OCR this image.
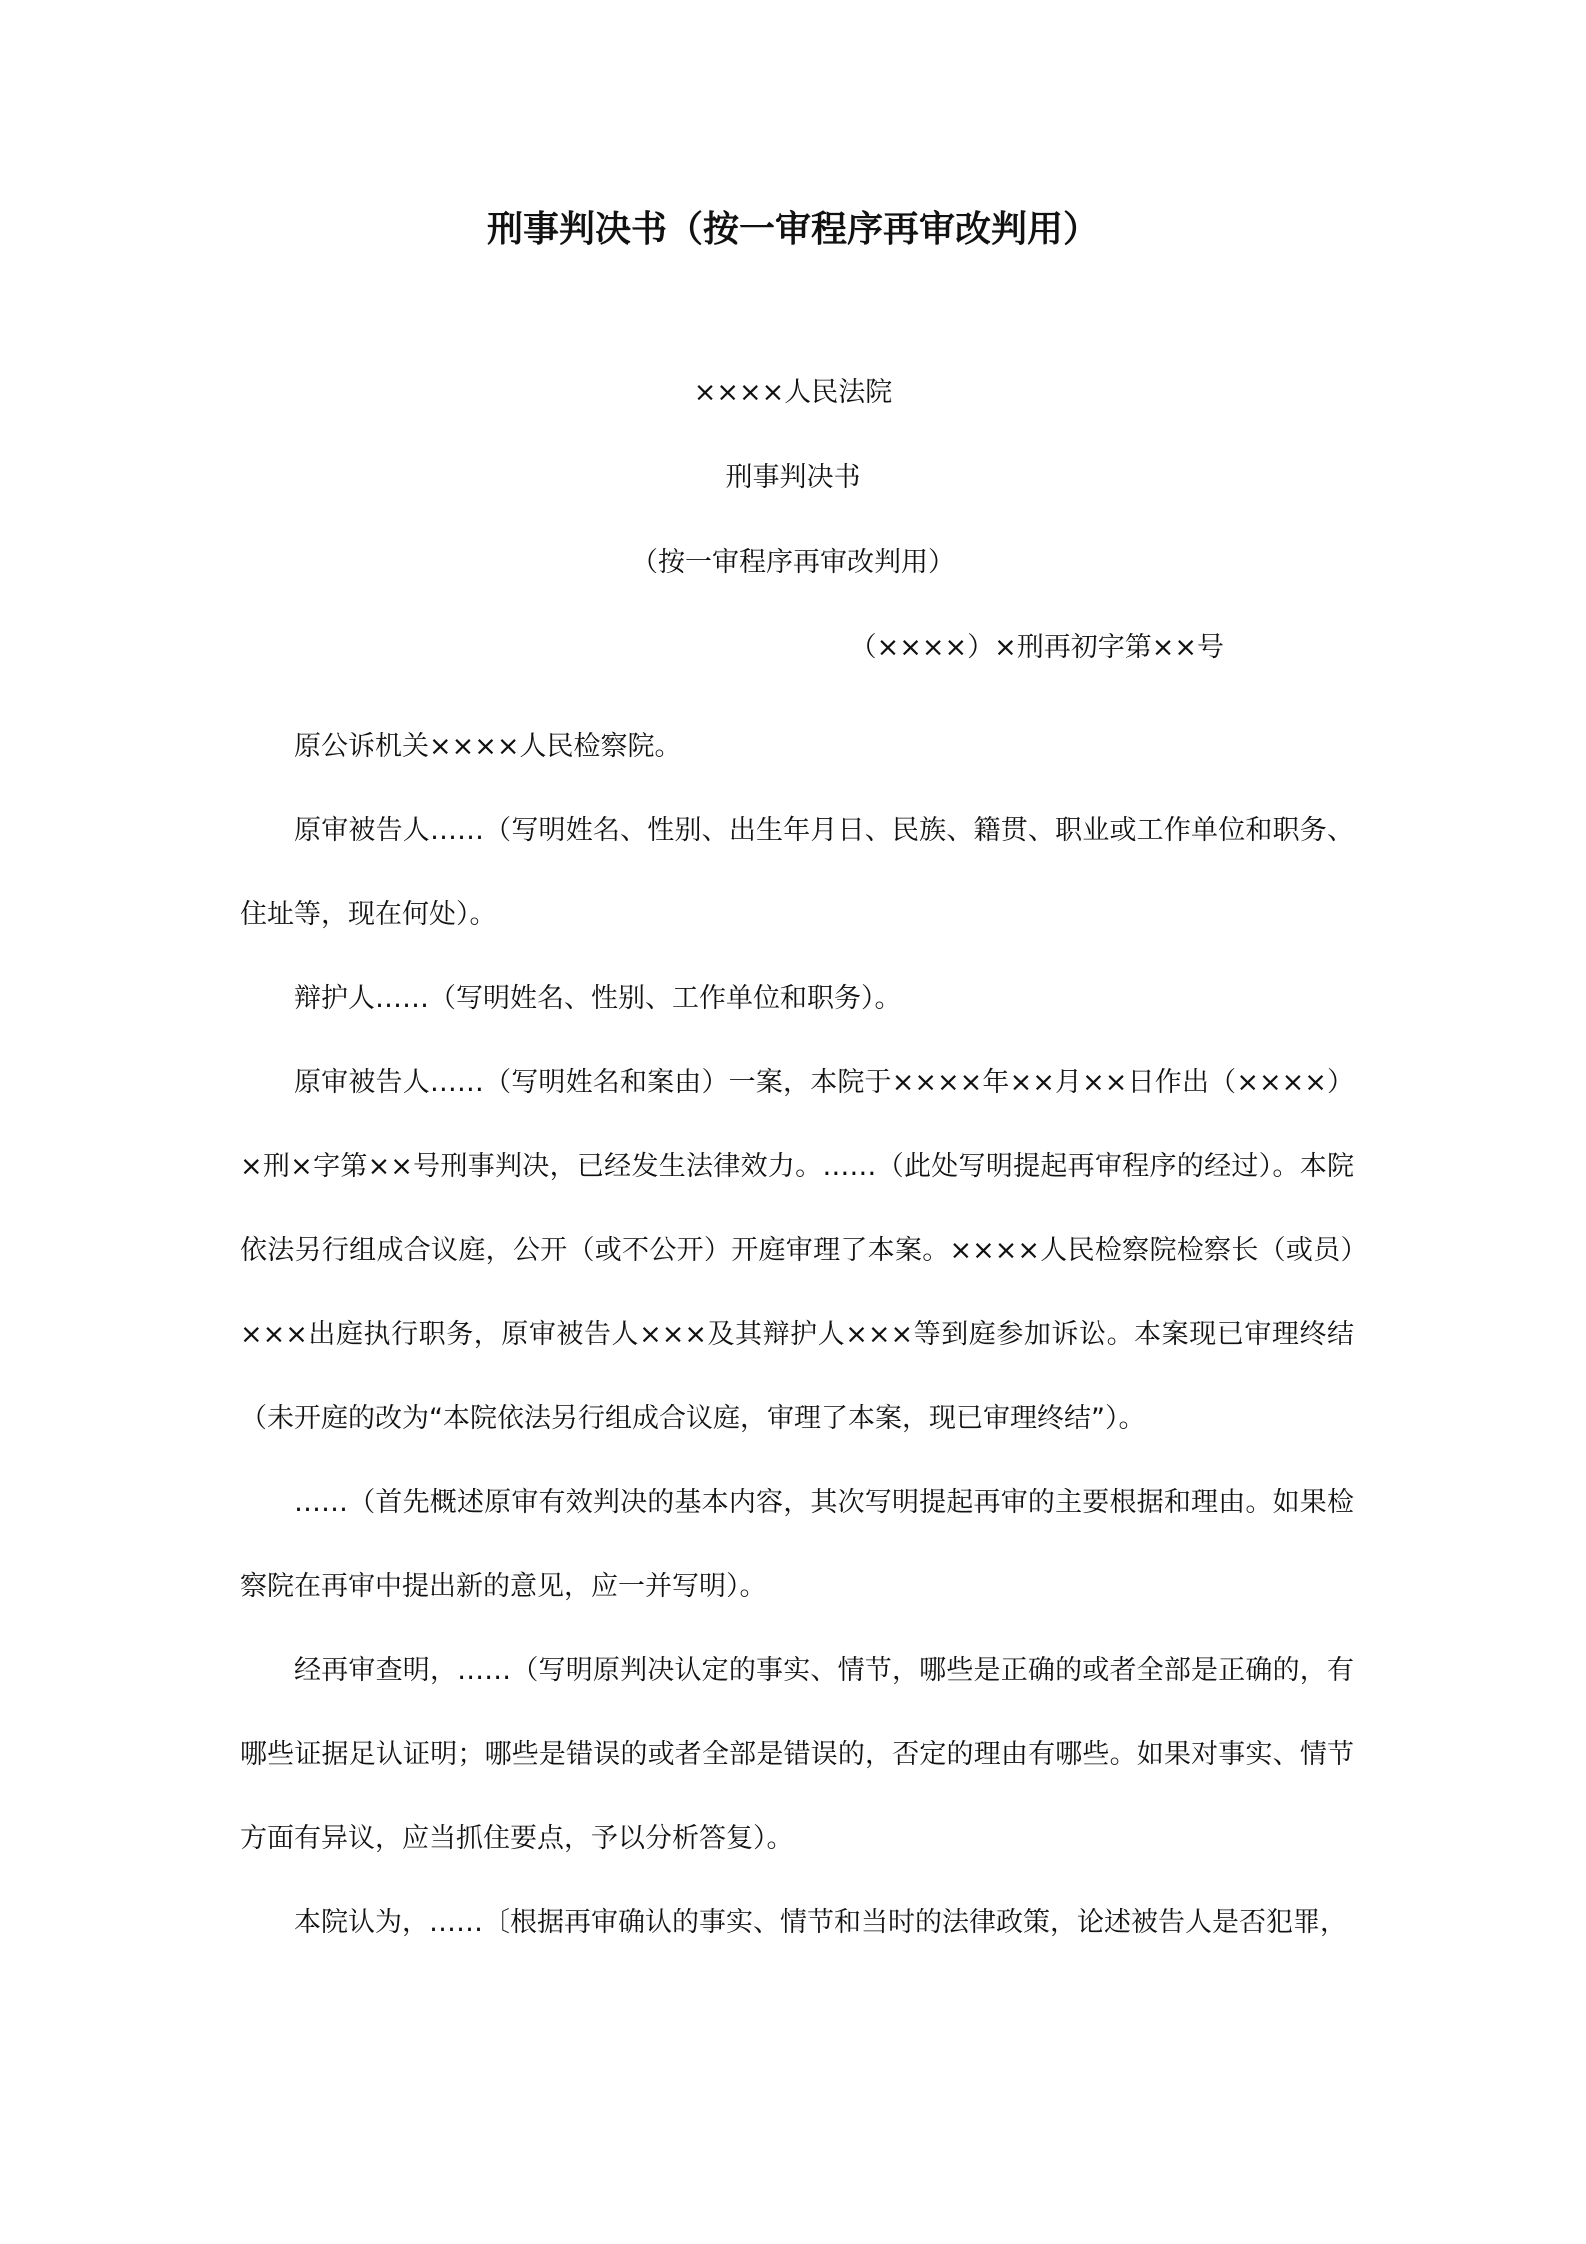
刑事判决书（按一审程序再审改判用）
××××人民法院
刑事判决书
（按一审程序再审改判用）
（××××）×刑再初字第××号

原公诉机关××××人民检察院。

原审被告人……（写明姓名、性别、出生年月日、民族、籍贯、职业或工作单位和职务、住址等，现在何处）。

辩护人……（写明姓名、性别、工作单位和职务）。

原审被告人……（写明姓名和案由）一案，本院于××××年××月××日作出（××××）×刑×字第××号刑事判决，已经发生法律效力。……（此处写明提起再审程序的经过）。本院依法另行组成合议庭，公开（或不公开）开庭审理了本案。××××人民检察院检察长（或员）×××出庭执行职务，原审被告人×××及其辩护人×××等到庭参加诉讼。本案现已审理终结（未开庭的改为“本院依法另行组成合议庭，审理了本案，现已审理终结”）。

……（首先概述原审有效判决的基本内容，其次写明提起再审的主要根据和理由。如果检察院在再审中提出新的意见，应一并写明）。

经再审查明，……（写明原判决认定的事实、情节，哪些是正确的或者全部是正确的，有哪些证据足认证明；哪些是错误的或者全部是错误的，否定的理由有哪些。如果对事实、情节方面有异议，应当抓住要点，予以分析答复）。

本院认为，……〔根据再审确认的事实、情节和当时的法律政策，论述被告人是否犯罪，
